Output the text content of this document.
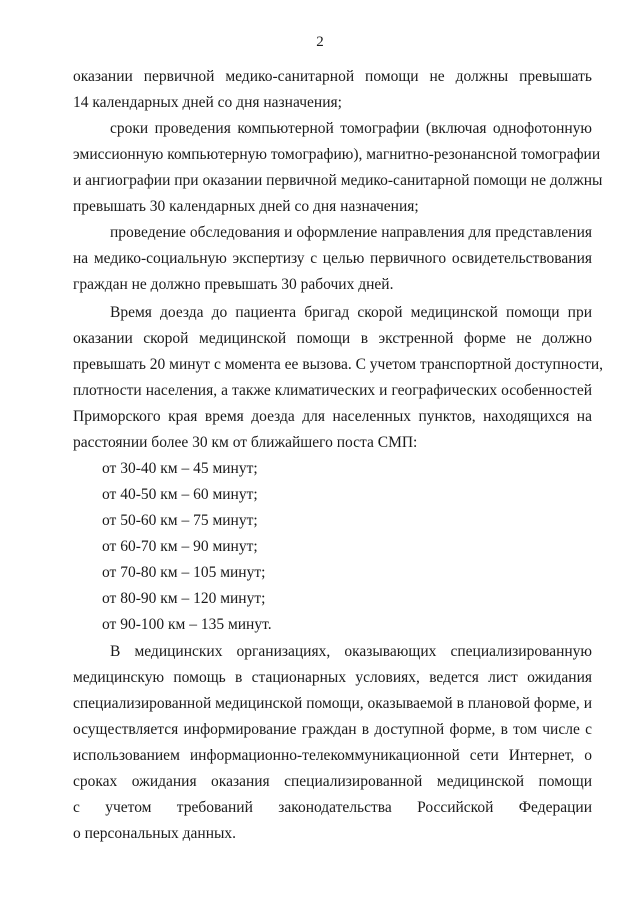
2
оказании первичной медико-санитарной помощи не должны превышать
14 календарных дней со дня назначения;
сроки проведения компьютерной томографии (включая однофотонную
эмиссионную компьютерную томографию), магнитно-резонансной томографии
и ангиографии при оказании первичной медико-санитарной помощи не должны
превышать 30 календарных дней со дня назначения;
проведение обследования и оформление направления для представления
на медико-социальную экспертизу с целью первичного освидетельствования
граждан не должно превышать 30 рабочих дней.
Время доезда до пациента бригад скорой медицинской помощи при
оказании скорой медицинской помощи в экстренной форме не должно
превышать 20 минут с момента ее вызова. С учетом транспортной доступности,
плотности населения, а также климатических и географических особенностей
Приморского края время доезда для населенных пунктов, находящихся на
расстоянии более 30 км от ближайшего поста СМП:
от 30-40 км – 45 минут;
от 40-50 км – 60 минут;
от 50-60 км – 75 минут;
от 60-70 км – 90 минут;
от 70-80 км – 105 минут;
от 80-90 км – 120 минут;
от 90-100 км – 135 минут.
В медицинских организациях, оказывающих специализированную
медицинскую помощь в стационарных условиях, ведется лист ожидания
специализированной медицинской помощи, оказываемой в плановой форме, и
осуществляется информирование граждан в доступной форме, в том числе с
использованием информационно-телекоммуникационной сети Интернет, о
сроках ожидания оказания специализированной медицинской помощи
с учетом требований законодательства Российской Федерации
о персональных данных.
